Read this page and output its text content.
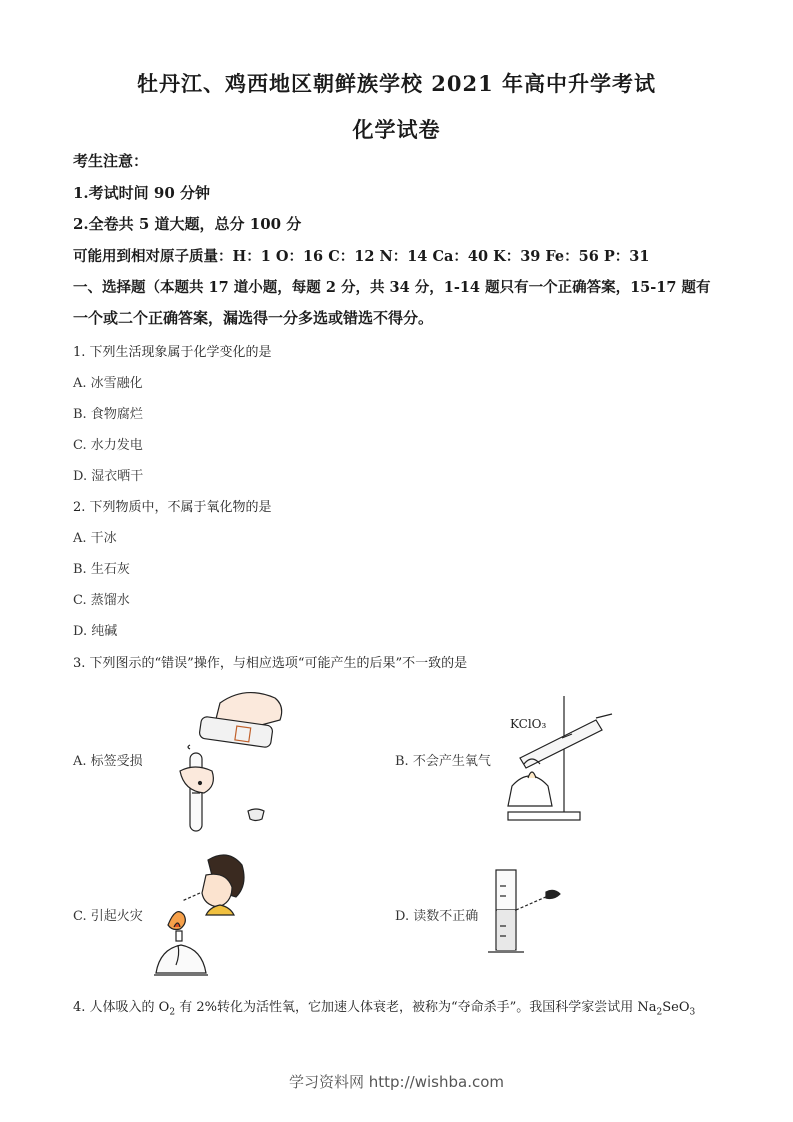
牡丹江、鸡西地区朝鲜族学校 2021 年高中升学考试
化学试卷
考生注意：
1.考试时间 90 分钟
2.全卷共 5 道大题，总分 100 分
可能用到相对原子质量：H：1 O：16 C：12 N：14 Ca：40 K：39 Fe：56 P：31
一、选择题（本题共 17 道小题，每题 2 分，共 34 分，1-14 题只有一个正确答案，15-17 题有
一个或二个正确答案，漏选得一分多选或错选不得分。
1. 下列生活现象属于化学变化的是
A. 冰雪融化
B. 食物腐烂
C. 水力发电
D. 湿衣晒干
2. 下列物质中，不属于氧化物的是
A. 干冰
B. 生石灰
C. 蒸馏水
D. 纯碱
3. 下列图示的“错误”操作，与相应选项“可能产生的后果”不一致的是
A. 标签受损	B. 不会产生氧气
KClO₃
C. 引起火灾	D. 读数不正确
4. 人体吸入的 $O_2$ 有 2%转化为活性氧，它加速人体衰老，被称为“夺命杀手”。我国科学家尝试用 $Na_2SeO_3$
学习资料网 http://wishba.com
